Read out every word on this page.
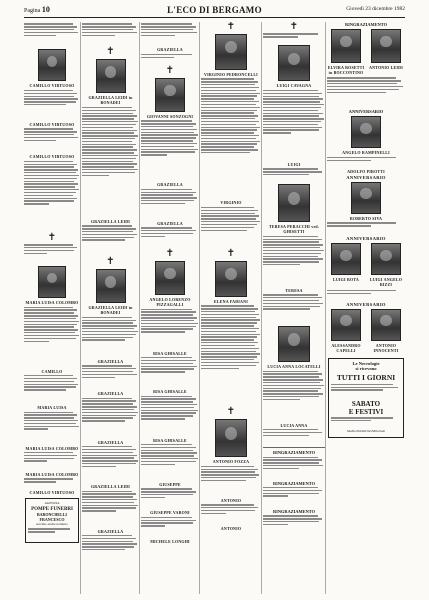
Pagina 10	L'ECO DI BERGAMO	Giovedì 23 dicembre 1982
CAMILLO VIRTUOSO
CAMILLO VIRTUOSO
CAMILLO VIRTUOSO
✝
MARIA LUISA COLOMBO
CAMILLO
MARIA LUISA
MARIA LUISA COLOMBO
MARIA LUISA COLOMBO
CAMILLO VIRTUOSO
AGENZIA
POMPE FUNEBRI
BARONCHELLI FRANCESCO
servizio anche notturno
✝
GRAZIELLA LEIDI in BONADEI
GRAZIELLA LEIDI
✝
GRAZIELLA LEIDI in BONADEI
GRAZIELLA
GRAZIELLA
GRAZIELLA
GRAZIELLA LEIDI
GRAZIELLA
GRAZIELLA
✝
GIOVANNI SONZOGNI
GRAZIELLA
GRAZIELLA
✝
ANGELO LORENZO PIZZAGALLI
RISA GHISALLE
RISA GHISALLE
RISA GHISALLE
GIUSEPPE
GIUSEPPE VARONI
MICHELE LONGHI
✝
VIRGINIO PEDRONCELLI
VIRGINIO
✝
ELENA FADIANI
✝
ANTONIO FOZZA
ANTONIO
ANTONIO
✝
LUIGI CAVAGNA
LUIGI
TERESA PERACCHI ved. GHISETTI
TERESA
LUCIA ANNA LOCATELLI
LUCIA ANNA
RINGRAZIAMENTO
RINGRAZIAMENTO
RINGRAZIAMENTO
RINGRAZIAMENTO
ELVIRA ROSETTI in BOCCONTINO
ANTONIO LEIDI
ANNIVERSARIO
ANGELO RAMPINELLI
ADOLFO PIROTTI
ANNIVERSARIO
ROBERTO SIVA
ANNIVERSARIO
LUIGI ROTA	LUIGI ANGELO RIZZI
ANNIVERSARIO
ALESSANDRO CAPELLI
ANTONIO INNOCENTI
Le Necrologie
si ricevono
TUTTI I GIORNI
SABATO
E FESTIVI
Studio Pubblicità Editoriale
